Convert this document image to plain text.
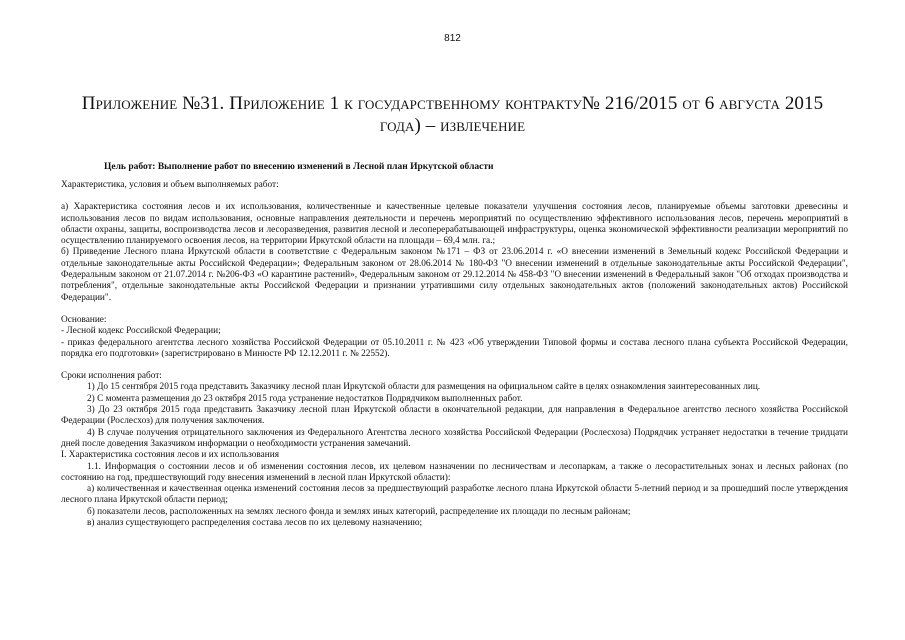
812
Приложение №31. Приложение 1 к государственному контракту№ 216/2015 от 6 августа 2015 года) – извлечение
Цель работ: Выполнение работ по внесению изменений в Лесной план Иркутской области

Характеристика, условия и объем выполняемых работ:

а) Характеристика состояния лесов и их использования, количественные и качественные целевые показатели улучшения состояния лесов, планируемые объемы заготовки древесины и использования лесов по видам использования, основные направления деятельности и перечень мероприятий по осуществлению эффективного использования лесов, перечень мероприятий в области охраны, защиты, воспроизводства лесов и лесоразведения, развития лесной и лесоперерабатывающей инфраструктуры, оценка экономической эффективности реализации мероприятий по осуществлению планируемого освоения лесов, на территории Иркутской области на площади – 69,4 млн. га.;

б) Приведение Лесного плана Иркутской области в соответствие с Федеральным законом №171 – ФЗ от 23.06.2014 г. «О внесении изменений в Земельный кодекс Российской Федерации и отдельные законодательные акты Российской Федерации»; Федеральным законом от 28.06.2014 № 180-ФЗ "О внесении изменений в отдельные законодательные акты Российской Федерации", Федеральным законом от 21.07.2014 г. №206-ФЗ «О карантине растений», Федеральным законом от 29.12.2014 № 458-ФЗ "О внесении изменений в Федеральный закон "Об отходах производства и потребления", отдельные законодательные акты Российской Федерации и признании утратившими силу отдельных законодательных актов (положений законодательных актов) Российской Федерации".

Основание:

- Лесной кодекс Российской Федерации;

- приказ федерального агентства лесного хозяйства Российской Федерации от 05.10.2011 г. № 423 «Об утверждении Типовой формы и состава лесного плана субъекта Российской Федерации, порядка его подготовки» (зарегистрировано в Минюсте РФ 12.12.2011 г. № 22552).

Сроки исполнения работ:

1) До 15 сентября 2015 года представить Заказчику лесной план Иркутской области для размещения на официальном сайте в целях ознакомления заинтересованных лиц.

2) С момента размещения до 23 октября 2015 года устранение недостатков Подрядчиком выполненных работ.

3) До 23 октября 2015 года представить Заказчику лесной план Иркутской области в окончательной редакции, для направления в Федеральное агентство лесного хозяйства Российской Федерации (Рослесхоз) для получения заключения.

4) В случае получения отрицательного заключения из Федерального Агентства лесного хозяйства Российской Федерации (Рослесхоза) Подрядчик устраняет недостатки в течение тридцати дней после доведения Заказчиком информации о необходимости устранения замечаний.

I. Характеристика состояния лесов и их использования

1.1. Информация о состоянии лесов и об изменении состояния лесов, их целевом назначении по лесничествам и лесопаркам, а также о лесорастительных зонах и лесных районах (по состоянию на год, предшествующий году внесения изменений в лесной план Иркутской области):

а) количественная и качественная оценка изменений состояния лесов за предшествующий разработке лесного плана Иркутской области 5-летний период и за прошедший после утверждения лесного плана Иркутской области период;

б) показатели лесов, расположенных на землях лесного фонда и землях иных категорий, распределение их площади по лесным районам;

в) анализ существующего распределения состава лесов по их целевому назначению;
